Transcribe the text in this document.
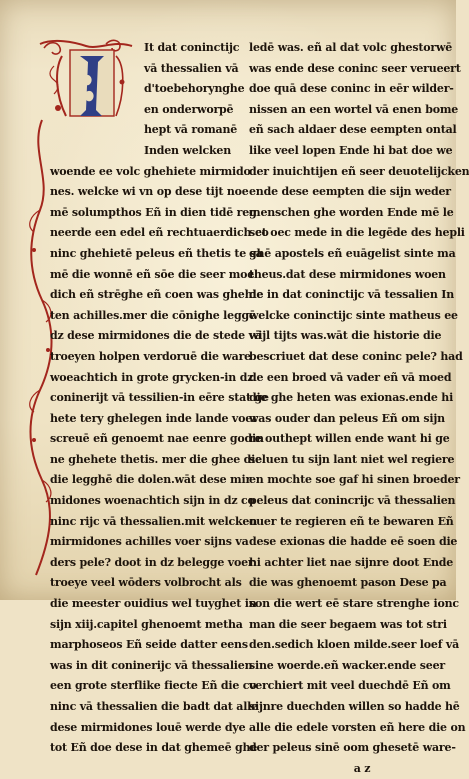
It dat coninctijc
vā thessalien vā
d'toebehorynghe
en onderworpē
hept vā romanē
Inden welcken
woende ee volc ghehiete mirmido
nes. welcke wi vn op dese tijt noe
mē solumpthos Eñ in dien tidē reg
neerde een edel eñ rechtuaerdich co
ninc ghehietē peleus eñ thetis te sa
mē die wonnē eñ sōe die seer moe
dich eñ strēghe eñ coen was ghehie
ten achilles.mer die cōnighe leggē
dz dese mirmidones die de stede vā
troeyen holpen verdoruē die ware
woeachtich in grote grycken-in dz
coninerijt vā tessilien-in eēre stat ge
hete tery ghelegen inde lande voer
screuē eñ genoemt nae eenre godin
ne ghehete thetis. mer die ghee die
die legghē die dolen.wāt dese mir
midones woenachtich sijn in dz co
ninc rijc vā thessalien.mit welcken
mirmidones achilles voer sijns va
ders pele? doot in dz belegge voer
troeye veel wōders volbrocht als
die meester ouidius wel tuyghet in
sijn xiij.capitel ghenoemt metha
marphoseos Eñ seide datter eens
was in dit coninerijc vā thessalien
een grote sterflike fiecte Eñ die co
ninc vā thessalien die badt dat alle
dese mirmidones louē werde dye
tot Eñ doe dese in dat ghemeē ghe
ledē was. eñ al dat volc ghestorwē
was ende dese coninc seer verueert
doe quā dese coninc in eēr wilder-
nissen an een wortel vā enen bome
eñ sach aldaer dese eempten ontal
like veel lopen Ende hi bat doe we
der inuichtijen eñ seer deuotelijcken
ende dese eempten die sijn weder
menschen ghe worden Ende mē le
set oec mede in die legēde des hepli
ghē apostels eñ euāgelist sinte ma
theus.dat dese mirmidones woen
de in dat coninctijc vā tessalien In
welcke coninctijc sinte matheus ee
wijl tijts was.wāt die historie die
bescriuet dat dese coninc pele? had
de een broed vā vader eñ vā moed
die ghe heten was exionas.ende hi
was ouder dan peleus Eñ om sijn
re outhept willen ende want hi ge
seluen tu sijn lant niet wel regiere
en mochte soe gaf hi sinen broeder
peleus dat conincrijc vā thessalien
ouer te regieren eñ te bewaren Eñ
dese exionas die hadde eē soen die
hi achter liet nae sijnre doot Ende
die was ghenoemt pason Dese pa
son die wert eē stare strenghe ionc
man die seer begaem was tot stri
den.sedich kloen milde.seer loef vā
sine woerde.eñ wacker.ende seer
verchiert mit veel duechdē Eñ om
sijnre duechden willen so hadde hē
alle die edele vorsten eñ here die on
der peleus sinē oom ghesetē ware-
a z
